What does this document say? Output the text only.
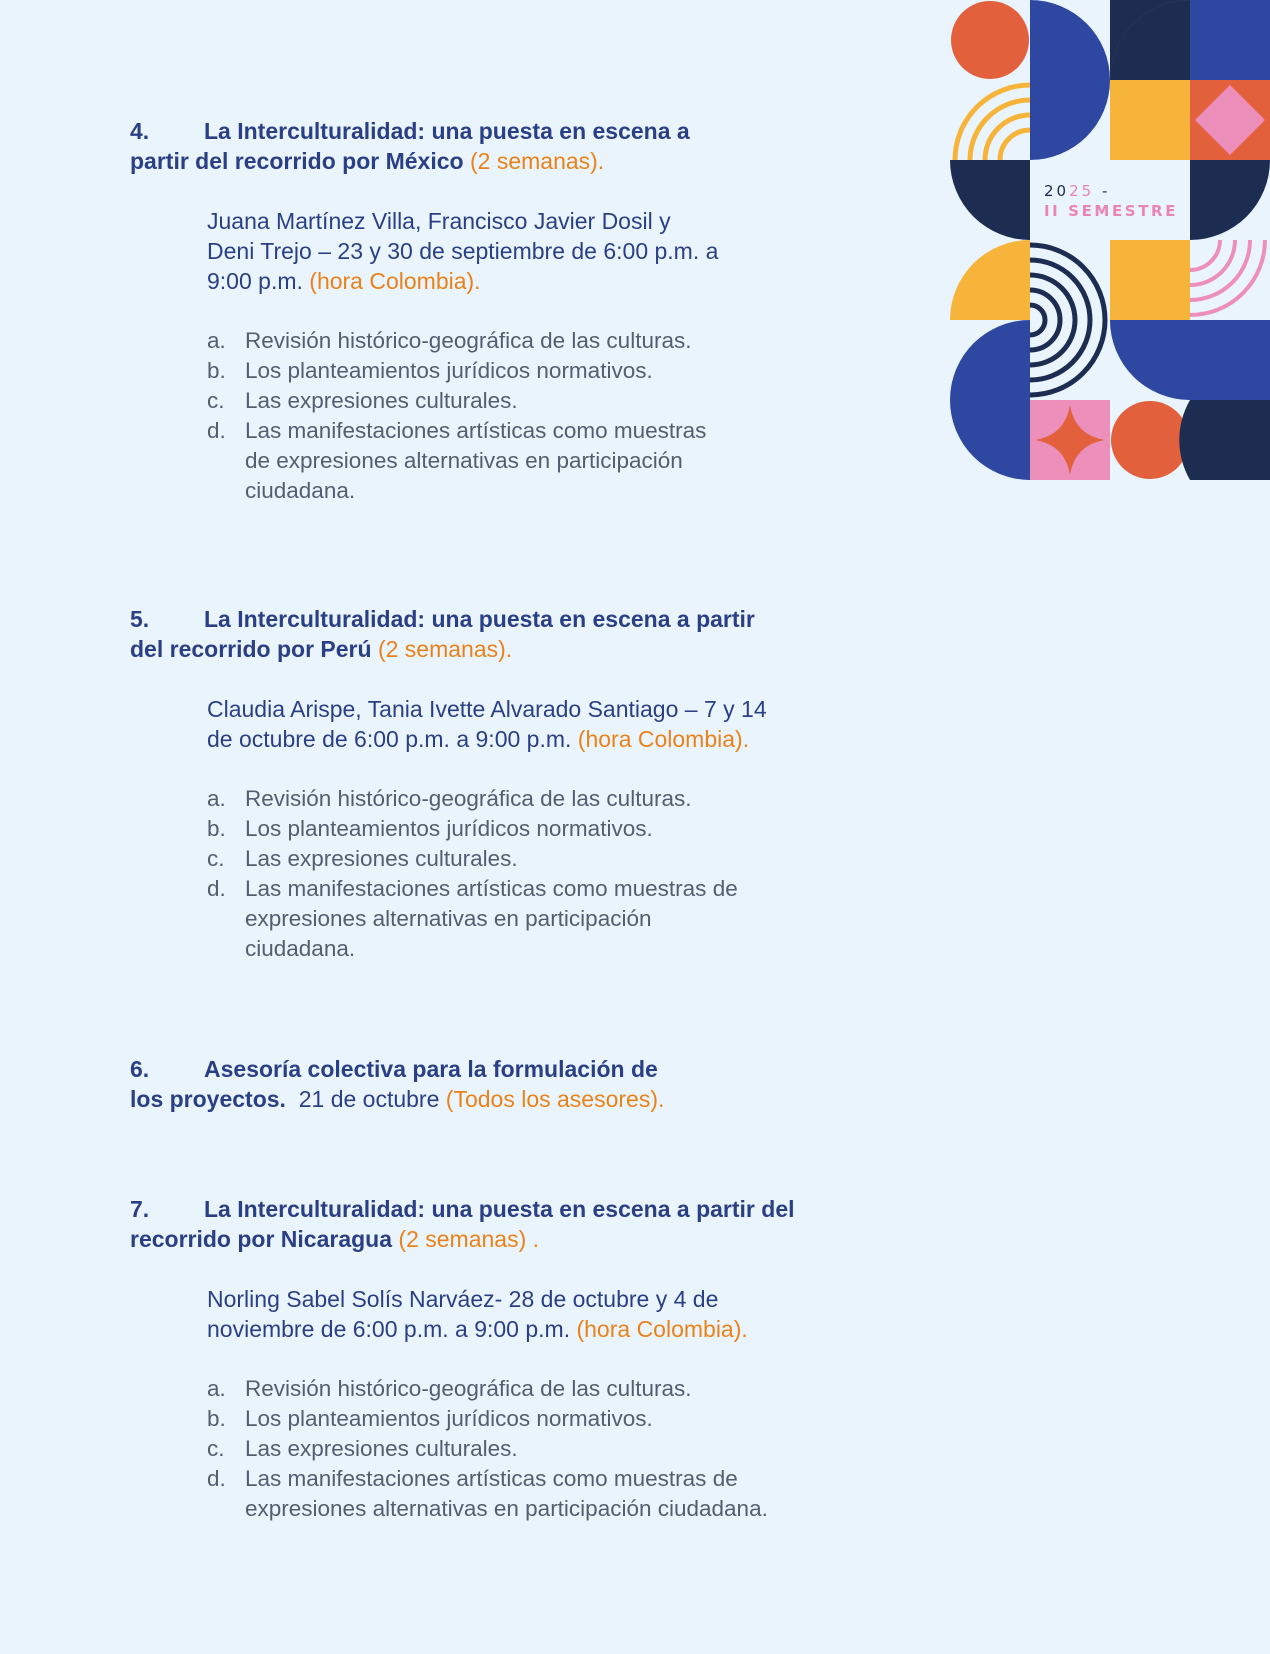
2025 -
II SEMESTRE

4. La Interculturalidad: una puesta en escena a
partir del recorrido por México (2 semanas).

Juana Martínez Villa, Francisco Javier Dosil y
Deni Trejo – 23 y 30 de septiembre de 6:00 p.m. a
9:00 p.m. (hora Colombia).

a. Revisión histórico-geográfica de las culturas.
b. Los planteamientos jurídicos normativos.
c. Las expresiones culturales.
d. Las manifestaciones artísticas como muestras
de expresiones alternativas en participación
ciudadana.

5. La Interculturalidad: una puesta en escena a partir
del recorrido por Perú (2 semanas).

Claudia Arispe, Tania Ivette Alvarado Santiago – 7 y 14
de octubre de 6:00 p.m. a 9:00 p.m. (hora Colombia).

a. Revisión histórico-geográfica de las culturas.
b. Los planteamientos jurídicos normativos.
c. Las expresiones culturales.
d. Las manifestaciones artísticas como muestras de
expresiones alternativas en participación
ciudadana.

6. Asesoría colectiva para la formulación de
los proyectos. 21 de octubre (Todos los asesores).

7. La Interculturalidad: una puesta en escena a partir del
recorrido por Nicaragua (2 semanas) .

Norling Sabel Solís Narváez- 28 de octubre y 4 de
noviembre de 6:00 p.m. a 9:00 p.m. (hora Colombia).

a. Revisión histórico-geográfica de las culturas.
b. Los planteamientos jurídicos normativos.
c. Las expresiones culturales.
d. Las manifestaciones artísticas como muestras de
expresiones alternativas en participación ciudadana.
